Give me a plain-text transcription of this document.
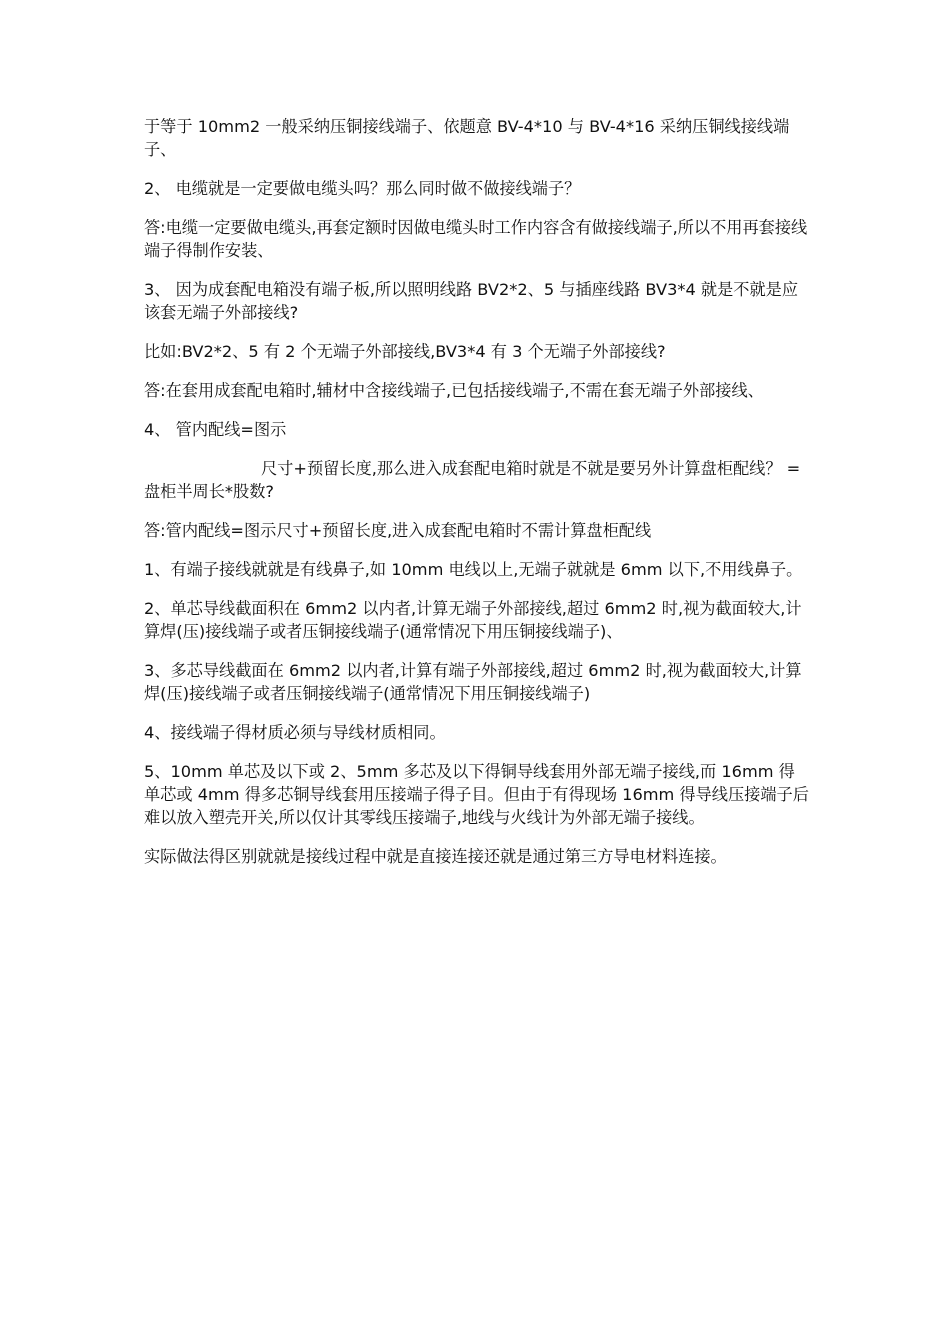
于等于 10mm2 一般采纳压铜接线端子、依题意 BV-4*10 与 BV-4*16 采纳压铜线接线端子、

2、 电缆就是一定要做电缆头吗？那么同时做不做接线端子？

答:电缆一定要做电缆头,再套定额时因做电缆头时工作内容含有做接线端子,所以不用再套接线端子得制作安装、

3、 因为成套配电箱没有端子板,所以照明线路 BV2*2、5 与插座线路 BV3*4 就是不就是应该套无端子外部接线?

比如:BV2*2、5 有 2 个无端子外部接线,BV3*4 有 3 个无端子外部接线?

答:在套用成套配电箱时,辅材中含接线端子,已包括接线端子,不需在套无端子外部接线、

4、 管内配线=图示

尺寸+预留长度,那么进入成套配电箱时就是不就是要另外计算盘柜配线？ =盘柜半周长*股数?

答:管内配线=图示尺寸+预留长度,进入成套配电箱时不需计算盘柜配线

1、有端子接线就就是有线鼻子,如 10mm 电线以上,无端子就就是 6mm 以下,不用线鼻子。

2、单芯导线截面积在 6mm2 以内者,计算无端子外部接线,超过 6mm2 时,视为截面较大,计算焊(压)接线端子或者压铜接线端子(通常情况下用压铜接线端子)、

3、多芯导线截面在 6mm2 以内者,计算有端子外部接线,超过 6mm2 时,视为截面较大,计算焊(压)接线端子或者压铜接线端子(通常情况下用压铜接线端子)

4、接线端子得材质必须与导线材质相同。

5、10mm 单芯及以下或 2、5mm 多芯及以下得铜导线套用外部无端子接线,而 16mm 得单芯或 4mm 得多芯铜导线套用压接端子得子目。但由于有得现场 16mm 得导线压接端子后难以放入塑壳开关,所以仅计其零线压接端子,地线与火线计为外部无端子接线。

实际做法得区别就就是接线过程中就是直接连接还就是通过第三方导电材料连接。
